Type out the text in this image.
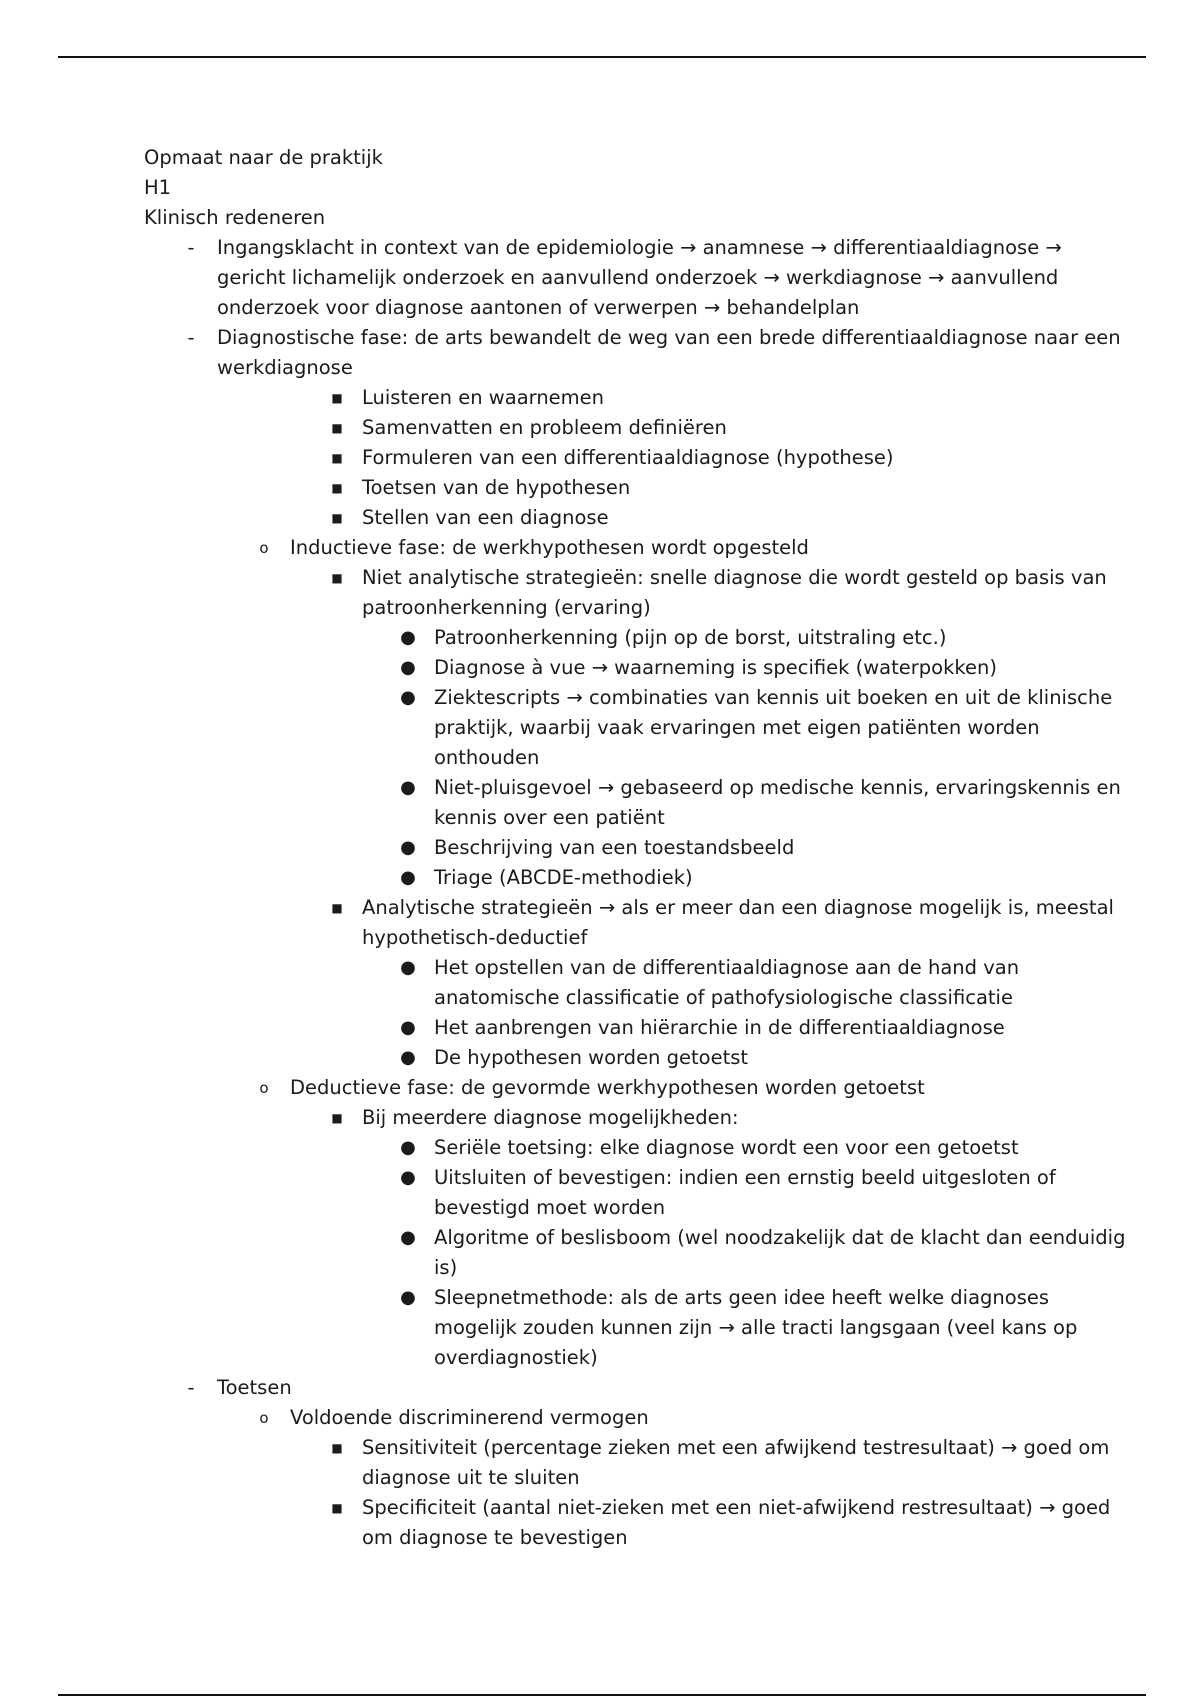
Opmaat naar de praktijk

H1

Klinisch redeneren

-	Ingangsklacht in context van de epidemiologie → anamnese → differentiaaldiagnose → gericht lichamelijk onderzoek en aanvullend onderzoek → werkdiagnose → aanvullend onderzoek voor diagnose aantonen of verwerpen → behandelplan
-	Diagnostische fase: de arts bewandelt de weg van een brede differentiaaldiagnose naar een werkdiagnose
■ Luisteren en waarnemen
■ Samenvatten en probleem definiëren
■ Formuleren van een differentiaaldiagnose (hypothese)
■ Toetsen van de hypothesen
■ Stellen van een diagnose
o Inductieve fase: de werkhypothesen wordt opgesteld
■ Niet analytische strategieën: snelle diagnose die wordt gesteld op basis van patroonherkenning (ervaring)
● Patroonherkenning (pijn op de borst, uitstraling etc.)
● Diagnose à vue → waarneming is specifiek (waterpokken)
● Ziektescripts → combinaties van kennis uit boeken en uit de klinische praktijk, waarbij vaak ervaringen met eigen patiënten worden onthouden
● Niet-pluisgevoel → gebaseerd op medische kennis, ervaringskennis en kennis over een patiënt
● Beschrijving van een toestandsbeeld
● Triage (ABCDE-methodiek)
■ Analytische strategieën → als er meer dan een diagnose mogelijk is, meestal hypothetisch-deductief
● Het opstellen van de differentiaaldiagnose aan de hand van anatomische classificatie of pathofysiologische classificatie
● Het aanbrengen van hiërarchie in de differentiaaldiagnose
● De hypothesen worden getoetst
o Deductieve fase: de gevormde werkhypothesen worden getoetst
■ Bij meerdere diagnose mogelijkheden:
● Seriële toetsing: elke diagnose wordt een voor een getoetst
● Uitsluiten of bevestigen: indien een ernstig beeld uitgesloten of bevestigd moet worden
● Algoritme of beslisboom (wel noodzakelijk dat de klacht dan eenduidig is)
● Sleepnetmethode: als de arts geen idee heeft welke diagnoses mogelijk zouden kunnen zijn → alle tracti langsgaan (veel kans op overdiagnostiek)
-	Toetsen
o Voldoende discriminerend vermogen
■ Sensitiviteit (percentage zieken met een afwijkend testresultaat) → goed om diagnose uit te sluiten
■ Specificiteit (aantal niet-zieken met een niet-afwijkend restresultaat) → goed om diagnose te bevestigen
